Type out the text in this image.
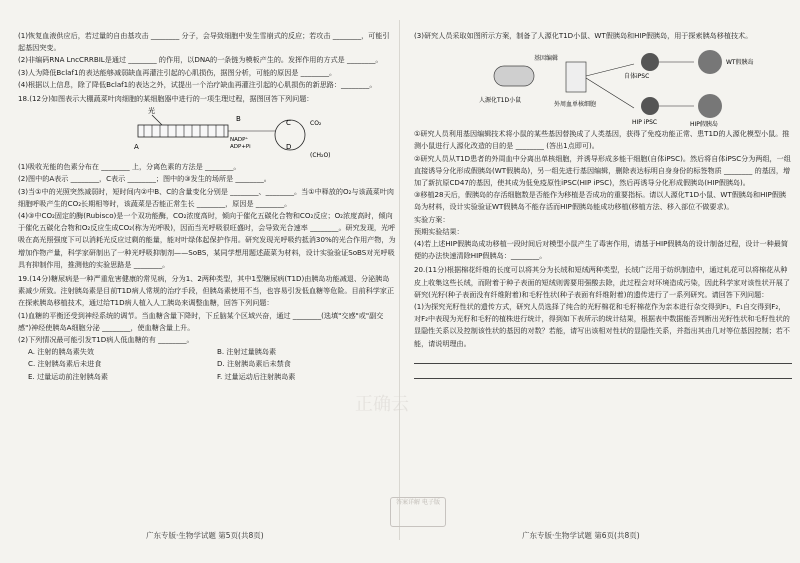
正确云

(1)恢复血液供应后，若过量的自由基攻击 ________ 分子，会导致细胞中发生雪崩式的反应；若攻击 ________，可能引起基因突变。

(2)非编码RNA LncCRRBIL是通过 ________ 的作用，以DNA的一条链为模板产生的。发挥作用的方式是 ________。

(3)人为降低Bclaf1的表达能够减弱缺血再灌注引起的心肌损伤，据图分析，可能的原因是 ________。

(4)根据以上信息，除了降低Bclaf1的表达之外，试提出一个治疗缺血再灌注引起的心肌损伤的新思路：________。

18.(12分)如图表示大棚蔬菜叶肉细胞的某细胞器中进行的一项生理过程，据图回答下列问题：

光
A
B
NADP⁺
ADP+Pi
C
D
CO₂
(CH₂O)

(1)吸收光能的色素分布在 ________ 上，分离色素的方法是 ________。

(2)图中的A表示 ________，C表示 ________；图中的③发生的场所是 ________。

(3)当①中的光照突然减弱时，短时间内②中B、C的含量变化分别是 ________、________。当①中释放的O₂与该蔬菜叶肉细胞呼吸产生的CO₂长期相等时，该蔬菜是否能正常生长 ________，原因是 ________。

(4)③中CO₂固定的酶(Rubisco)是一个双功能酶，CO₂浓度高时，倾向于催化五碳化合物和CO₂反应；O₂浓度高时，倾向于催化五碳化合物和O₂反应生成CO₂(称为光呼吸)，因而当光呼吸很旺盛时，会导致光合速率 ________。研究发现，光呼吸在高光照强度下可以消耗光反应过剩的能量，能对叶绿体起保护作用。研究发现光呼吸约抵消30%的光合作用产物，为增加作物产量，科学家研制出了一种光呼吸抑制剂——SoBS，某同学想用题述蔬菜为材料，设计实验验证SoBS对光呼吸具有抑制作用，推测他的实验思路是 ________。

19.(14分)糖尿病是一种严重危害健康的常见病，分为1、2两种类型，其中1型糖尿病(T1D)由胰岛功能减退、分泌胰岛素减少所致。注射胰岛素是目前T1D病人常规的治疗手段，但胰岛素使用不当，也容易引发低血糖等危险。目前科学家正在探索胰岛移植技术，通过给T1D病人植入人工胰岛来调整血糖，回答下列问题：

(1)血糖的平衡还受到神经系统的调节。当血糖含量下降时，下丘脑某个区域兴奋，通过 ________(选填"交感"或"副交感")神经使胰岛A细胞分泌 ________，使血糖含量上升。

(2)下列情况最可能引发T1D病人低血糖的有 ________。

A. 注射的胰岛素失效	B. 注射过量胰岛素
C. 注射胰岛素后未进食	D. 注射胰岛素后未禁食
E. 过量运动前注射胰岛素	F. 过量运动后注射胰岛素

(3)研究人员采取如图所示方案，制备了人源化T1D小鼠、WT假胰岛和HIP假胰岛，用于探索胰岛移植技术。

基因编辑
人源化T1D小鼠
外周血单核细胞
自体iPSC
HIP iPSC
WT假胰岛
HIP假胰岛

①研究人员利用基因编辑技术将小鼠的某些基因替换成了人类基因，获得了免疫功能正常、患T1D的人源化模型小鼠。推测小鼠进行人源化改造的目的是 ________ (答出1点即可)。

②研究人员从T1D患者的外周血中分离出单核细胞，并诱导形成多能干细胞(自体iPSC)。然后将自体iPSC分为两组，一组直接诱导分化形成假胰岛(WT假胰岛)，另一组先进行基因编辑，删除表达标明自身身份的标签物质 ________ 的基因，增加了新抗原CD47的基因，使其成为低免疫原性iPSC(HIP iPSC)，然后再诱导分化形成假胰岛(HIP假胰岛)。

③移植28天后，假胰岛的存活细胞数是否能作为移植是否成功的重要指标。请以人源化T1D小鼠、WT假胰岛和HIP假胰岛为材料，设计实验验证WT假胰岛不能存活而HIP假胰岛能成功移植(移植方法、移入部位不做要求)。

实验方案：

预期实验结果：

(4)若上述HIP假胰岛成功移植一段时间后对模型小鼠产生了毒害作用，请基于HIP假胰岛的设计制备过程，设计一种最简便的办法快速清除HIP假胰岛：________。

20.(11分)根据棉花纤维的长度可以将其分为长绒和短绒两种类型，长绒广泛用于纺织制造中，通过轧花可以将棉花从种皮上收集这些长绒，而附着于种子表面的短绒则需要用强酸去除，此过程会对环境造成污染，因此科学家对该性状开展了研究(光籽(种子表面没有纤维附着)和毛籽性状(种子表面有纤维附着)的遗传进行了一系列研究。请回答下列问题：

(1)为探究光籽性状的遗传方式，研究人员选择了纯合的光籽棉花和毛籽棉花作为亲本进行杂交得到F₁，F₁自交得到F₂，对F₂中表现为光籽和毛籽的植株进行统计，得到如下表所示的统计结果，根据表中数据能否判断出光籽性状和毛籽性状的显隐性关系以及控制该性状的基因的对数？若能，请写出该相对性状的显隐性关系，并指出其由几对等位基因控制；若不能，请说明理由。

答案详解 电子版
广东专版·生物学试题 第5页(共8页)	广东专版·生物学试题 第6页(共8页)
